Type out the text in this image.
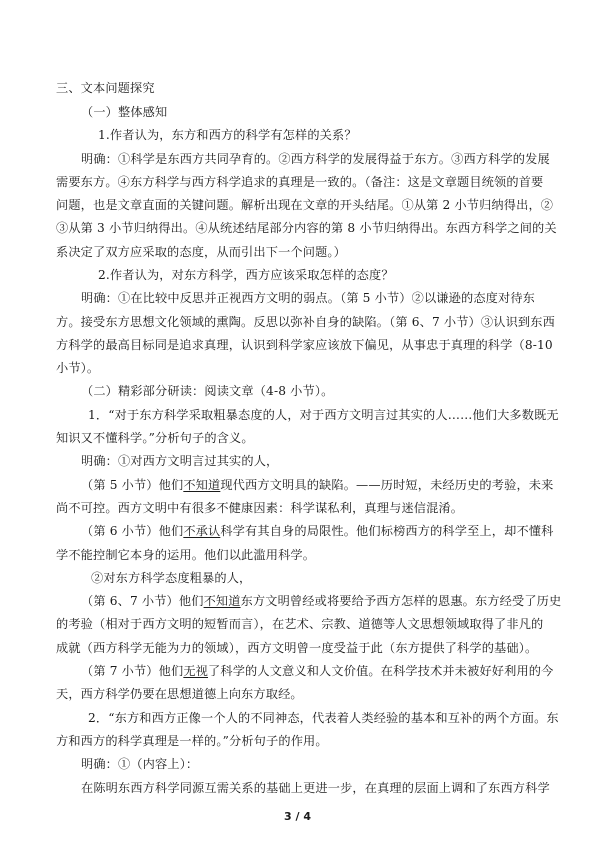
三、文本问题探究
（一）整体感知
1.作者认为，东方和西方的科学有怎样的关系？
明确：①科学是东西方共同孕育的。②西方科学的发展得益于东方。③西方科学的发展
需要东方。④东方科学与西方科学追求的真理是一致的。（备注：这是文章题目统领的首要
问题，也是文章直面的关键问题。解析出现在文章的开头结尾。①从第 2 小节归纳得出，②
③从第 3 小节归纳得出。④从统述结尾部分内容的第 8 小节归纳得出。东西方科学之间的关
系决定了双方应采取的态度，从而引出下一个问题。）
2.作者认为，对东方科学，西方应该采取怎样的态度？
明确：①在比较中反思并正视西方文明的弱点。（第 5 小节）②以谦逊的态度对待东
方。接受东方思想文化领域的熏陶。反思以弥补自身的缺陷。（第 6、7 小节）③认识到东西
方科学的最高目标同是追求真理，认识到科学家应该放下偏见，从事忠于真理的科学（8-10
小节）。
（二）精彩部分研读：阅读文章（4-8 小节）。
1．“对于东方科学采取粗暴态度的人，对于西方文明言过其实的人……他们大多数既无
知识又不懂科学。”分析句子的含义。
明确：①对西方文明言过其实的人，
（第 5 小节）他们不知道现代西方文明具的缺陷。——历时短，未经历史的考验，未来
尚不可控。西方文明中有很多不健康因素：科学谋私利，真理与迷信混淆。
（第 6 小节）他们不承认科学有其自身的局限性。他们标榜西方的科学至上，却不懂科
学不能控制它本身的运用。他们以此滥用科学。
②对东方科学态度粗暴的人，
（第 6、7 小节）他们不知道东方文明曾经或将要给予西方怎样的恩惠。东方经受了历史
的考验（相对于西方文明的短暂而言），在艺术、宗教、道德等人文思想领域取得了非凡的
成就（西方科学无能为力的领域），西方文明曾一度受益于此（东方提供了科学的基础）。
（第 7 小节）他们无视了科学的人文意义和人文价值。在科学技术并未被好好利用的今
天，西方科学仍要在思想道德上向东方取经。
2．“东方和西方正像一个人的不同神态，代表着人类经验的基本和互补的两个方面。东
方和西方的科学真理是一样的。”分析句子的作用。
明确：①（内容上）：
在陈明东西方科学同源互需关系的基础上更进一步，在真理的层面上调和了东西方科学
3 / 4
